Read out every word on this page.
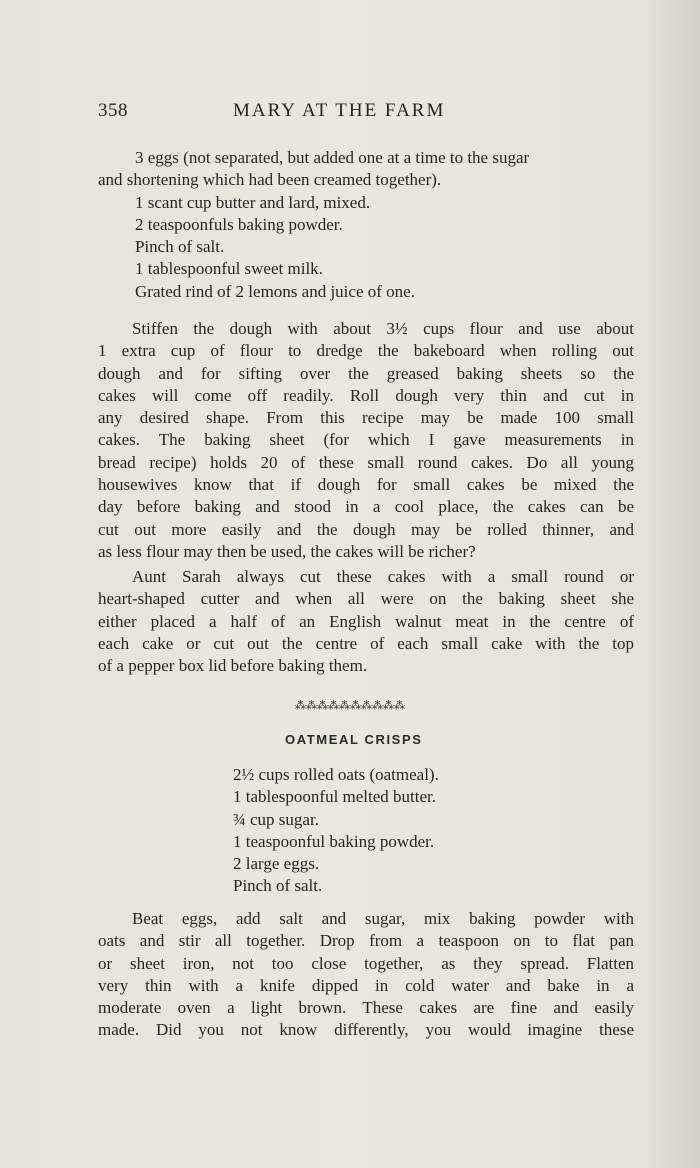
358	MARY AT THE FARM
3 eggs (not separated, but added one at a time to the sugar
and shortening which had been creamed together).
1 scant cup butter and lard, mixed.
2 teaspoonfuls baking powder.
Pinch of salt.
1 tablespoonful sweet milk.
Grated rind of 2 lemons and juice of one.
Stiffen the dough with about 3½ cups flour and use about
1 extra cup of flour to dredge the bakeboard when rolling out
dough and for sifting over the greased baking sheets so the
cakes will come off readily. Roll dough very thin and cut in
any desired shape. From this recipe may be made 100 small
cakes. The baking sheet (for which I gave measurements in
bread recipe) holds 20 of these small round cakes. Do all young
housewives know that if dough for small cakes be mixed the
day before baking and stood in a cool place, the cakes can be
cut out more easily and the dough may be rolled thinner, and
as less flour may then be used, the cakes will be richer?
Aunt Sarah always cut these cakes with a small round or
heart-shaped cutter and when all were on the baking sheet she
either placed a half of an English walnut meat in the centre of
each cake or cut out the centre of each small cake with the top
of a pepper box lid before baking them.
⁂⁂⁂⁂⁂⁂⁂⁂⁂⁂
OATMEAL CRISPS
2½ cups rolled oats (oatmeal).
1 tablespoonful melted butter.
¾ cup sugar.
1 teaspoonful baking powder.
2 large eggs.
Pinch of salt.
Beat eggs, add salt and sugar, mix baking powder with
oats and stir all together. Drop from a teaspoon on to flat pan
or sheet iron, not too close together, as they spread. Flatten
very thin with a knife dipped in cold water and bake in a
moderate oven a light brown. These cakes are fine and easily
made. Did you not know differently, you would imagine these
